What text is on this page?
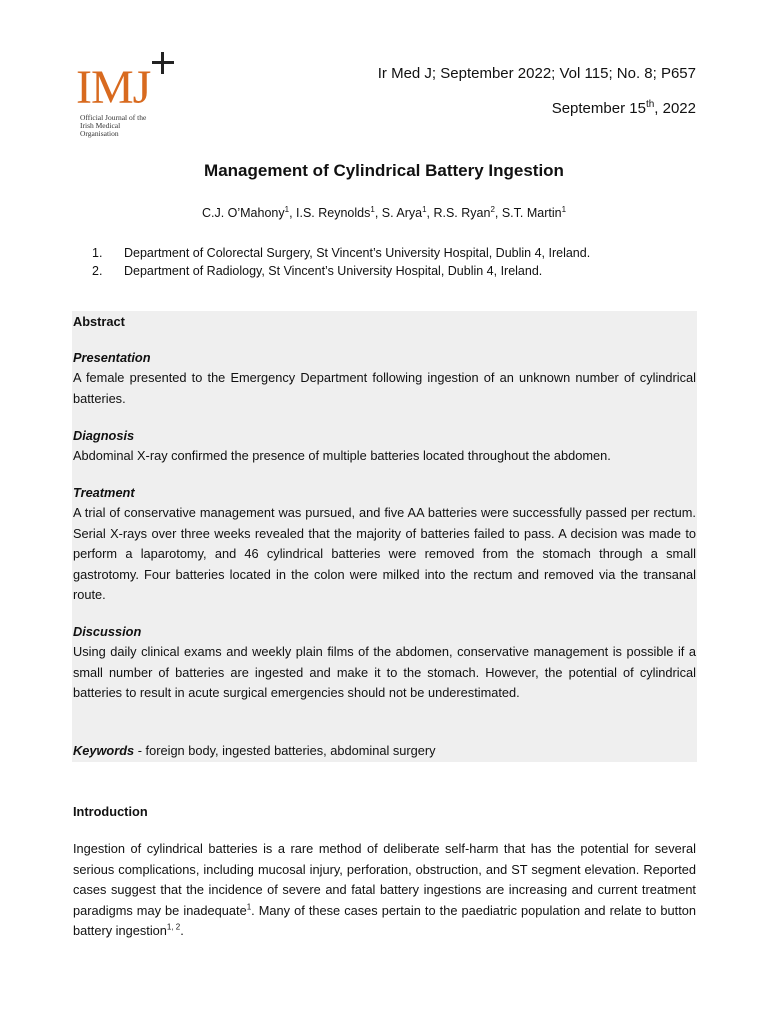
IMJ
Official Journal of the
Irish Medical
Organisation
Ir Med J; September 2022; Vol 115; No. 8; P657
September 15th, 2022
Management of Cylindrical Battery Ingestion
C.J. O’Mahony$^1$, I.S. Reynolds$^1$, S. Arya$^1$, R.S. Ryan$^2$, S.T. Martin$^1$
1.	Department of Colorectal Surgery, St Vincent’s University Hospital, Dublin 4, Ireland.
2.	Department of Radiology, St Vincent’s University Hospital, Dublin 4, Ireland.
Abstract
Presentation
A female presented to the Emergency Department following ingestion of an unknown number of cylindrical batteries.
Diagnosis
Abdominal X-ray confirmed the presence of multiple batteries located throughout the abdomen.
Treatment
A trial of conservative management was pursued, and five AA batteries were successfully passed per rectum. Serial X-rays over three weeks revealed that the majority of batteries failed to pass. A decision was made to perform a laparotomy, and 46 cylindrical batteries were removed from the stomach through a small gastrotomy. Four batteries located in the colon were milked into the rectum and removed via the transanal route.
Discussion
Using daily clinical exams and weekly plain films of the abdomen, conservative management is possible if a small number of batteries are ingested and make it to the stomach. However, the potential of cylindrical batteries to result in acute surgical emergencies should not be underestimated.
Keywords - foreign body, ingested batteries, abdominal surgery
Introduction
Ingestion of cylindrical batteries is a rare method of deliberate self-harm that has the potential for several serious complications, including mucosal injury, perforation, obstruction, and ST segment elevation. Reported cases suggest that the incidence of severe and fatal battery ingestions are increasing and current treatment paradigms may be inadequate$^1$. Many of these cases pertain to the paediatric population and relate to button battery ingestion$^{1, 2}$.
